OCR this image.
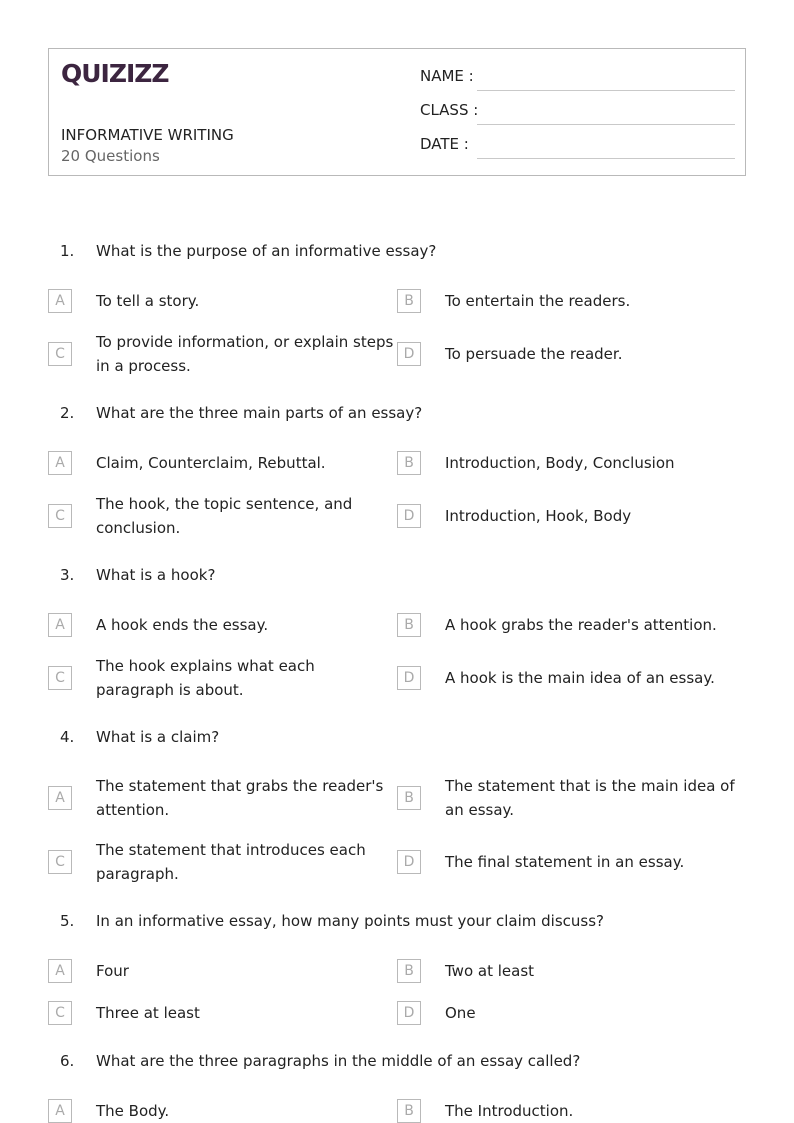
QUIZIZZ
INFORMATIVE WRITING
20 Questions
NAME :
CLASS :
DATE :
1. What is the purpose of an informative essay?
A	To tell a story.	B	To entertain the readers.
C
To provide information, or explain steps in a process.
D	To persuade the reader.
2. What are the three main parts of an essay?
A	Claim, Counterclaim, Rebuttal.	B	Introduction, Body, Conclusion
C
The hook, the topic sentence, and conclusion.
D	Introduction, Hook, Body
3. What is a hook?
A	A hook ends the essay.	B	A hook grabs the reader's attention.
C
The hook explains what each paragraph is about.
D	A hook is the main idea of an essay.
4. What is a claim?
A
The statement that grabs the reader's attention.
B
The statement that is the main idea of an essay.
C
The statement that introduces each paragraph.
D	The final statement in an essay.
5. In an informative essay, how many points must your claim discuss?
A	Four	B	Two at least
C	Three at least	D	One
6. What are the three paragraphs in the middle of an essay called?
A	The Body.	B	The Introduction.
